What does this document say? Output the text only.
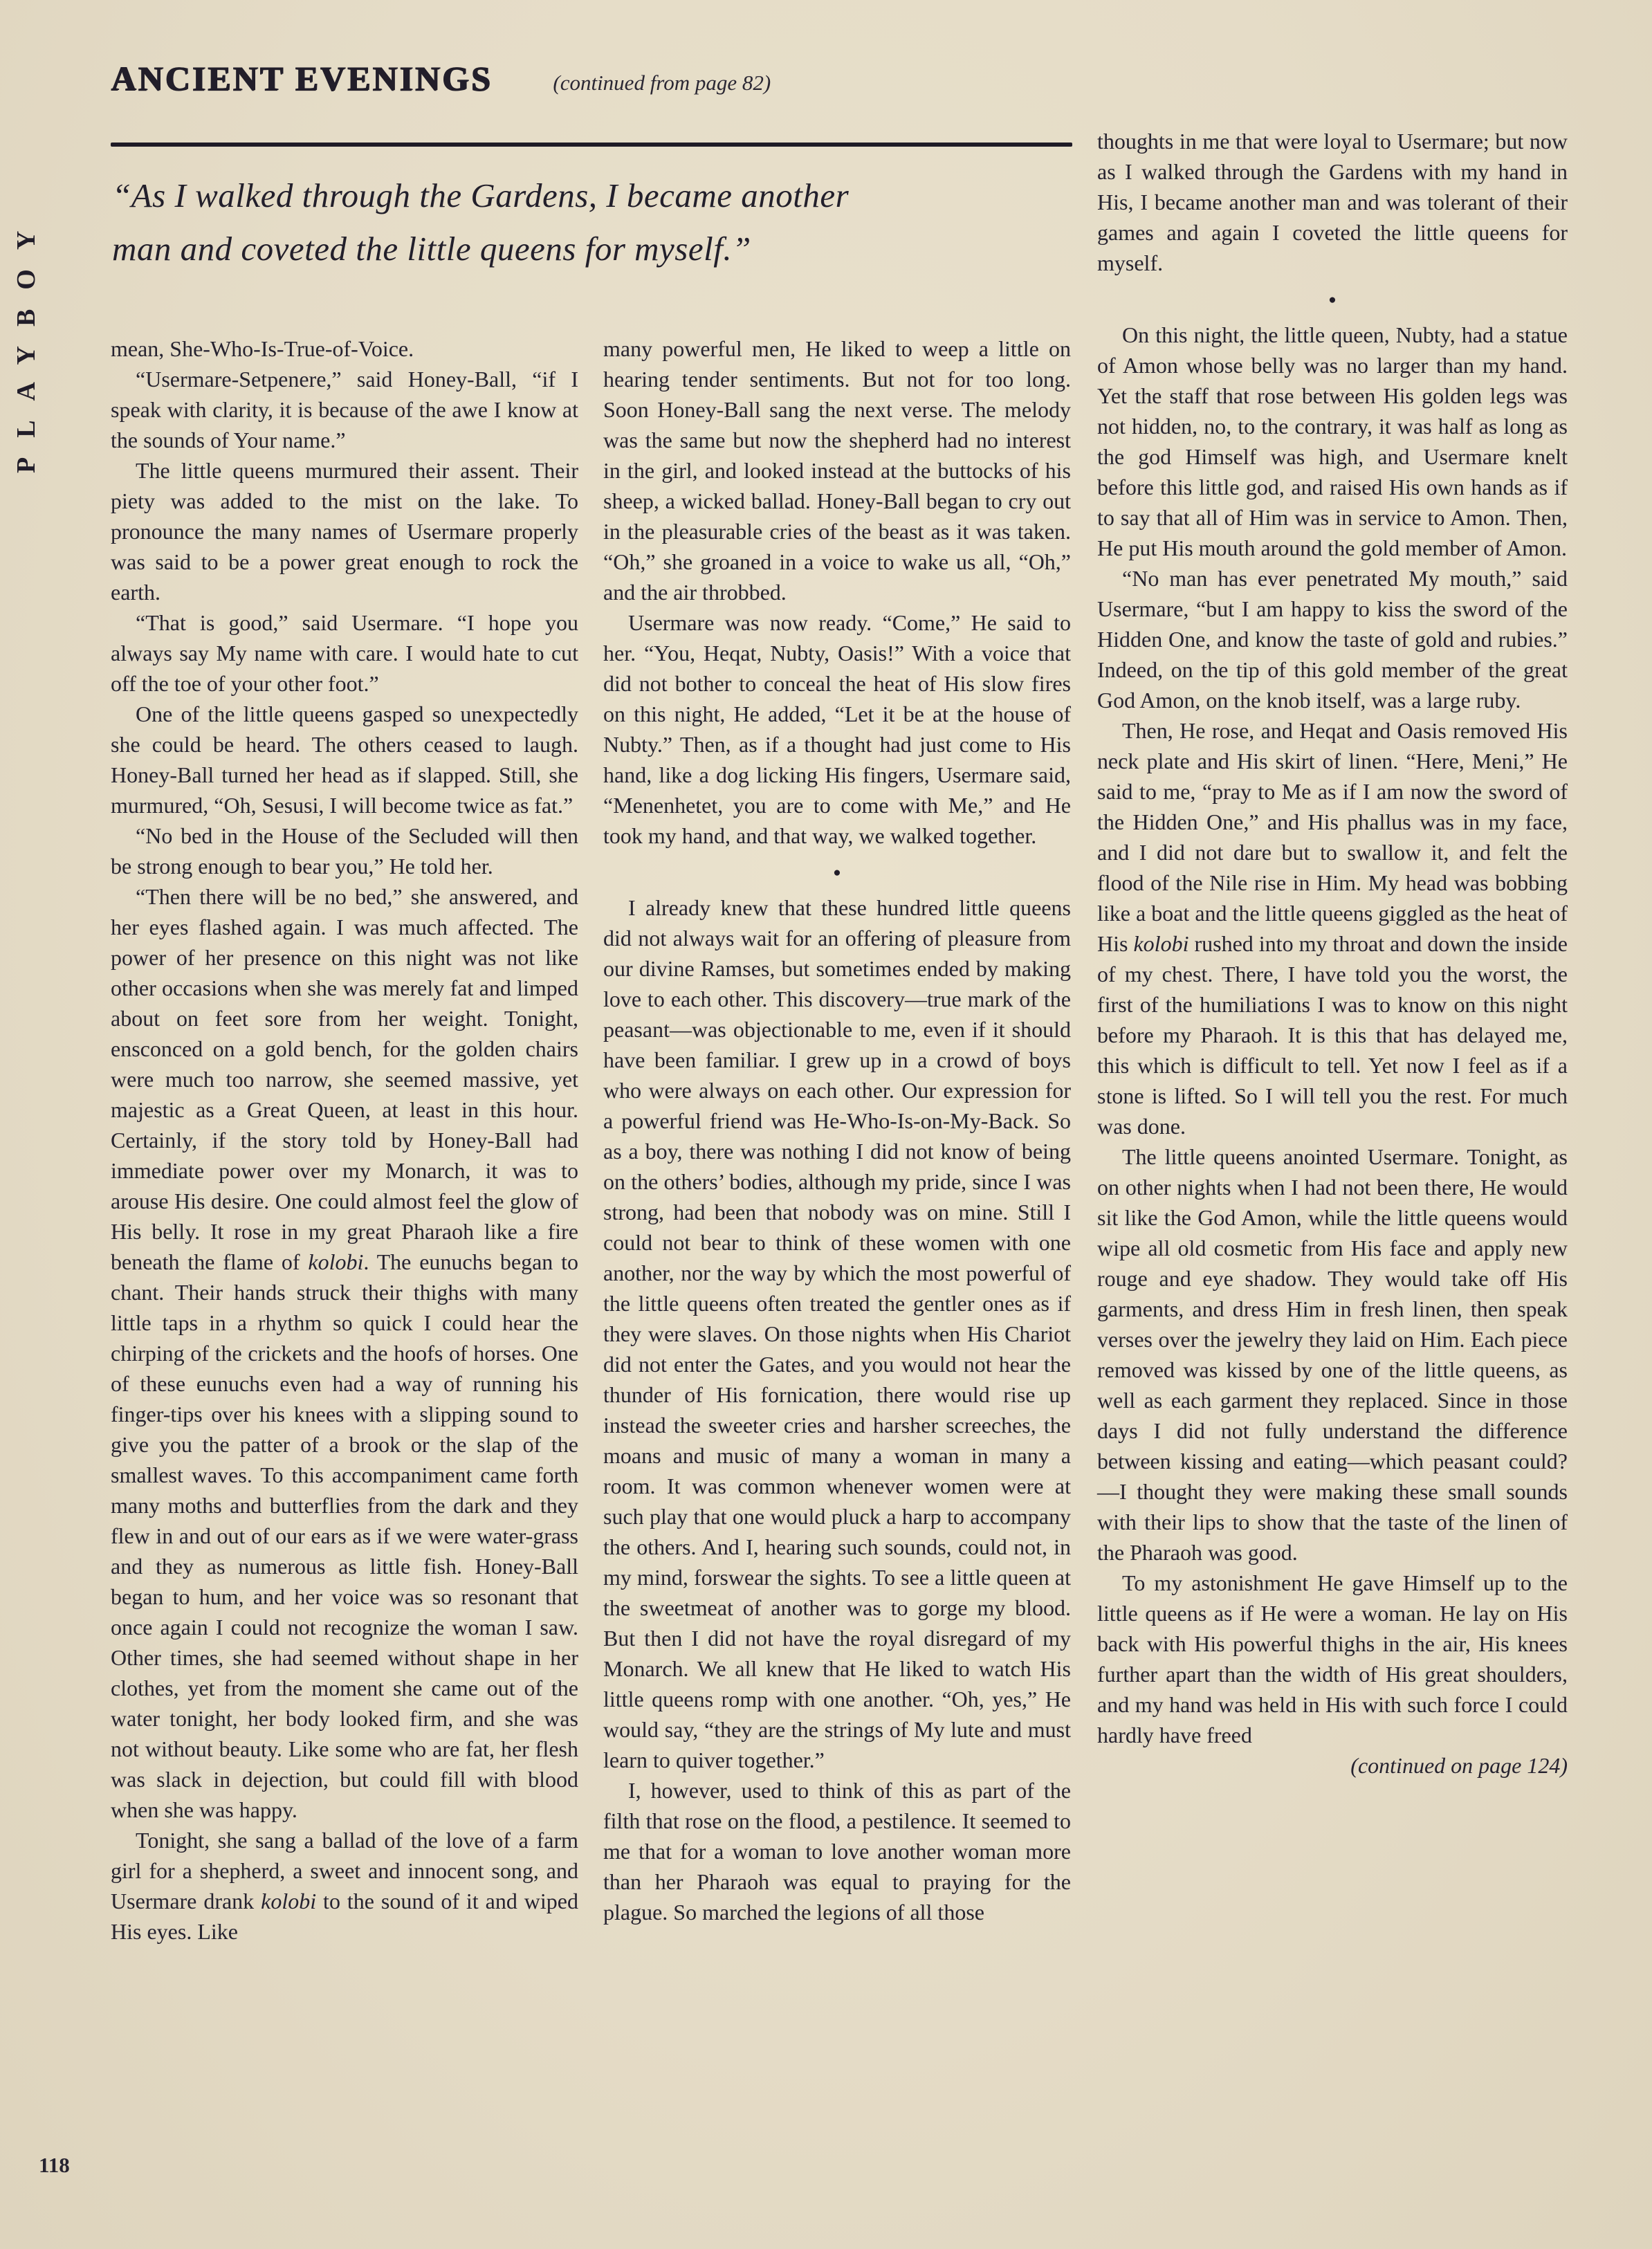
PLAYBOY
ANCIENT EVENINGS	(continued from page 82)
“As I walked through the Gardens, I became another
man and coveted the little queens for myself.”

mean, She-Who-Is-True-of-Voice.

“Usermare-Setpenere,” said Honey-Ball, “if I speak with clarity, it is because of the awe I know at the sounds of Your name.”

The little queens murmured their assent. Their piety was added to the mist on the lake. To pronounce the many names of Usermare properly was said to be a power great enough to rock the earth.

“That is good,” said Usermare. “I hope you always say My name with care. I would hate to cut off the toe of your other foot.”

One of the little queens gasped so unexpectedly she could be heard. The others ceased to laugh. Honey-Ball turned her head as if slapped. Still, she murmured, “Oh, Sesusi, I will become twice as fat.”

“No bed in the House of the Secluded will then be strong enough to bear you,” He told her.

“Then there will be no bed,” she answered, and her eyes flashed again. I was much affected. The power of her presence on this night was not like other occasions when she was merely fat and limped about on feet sore from her weight. Tonight, ensconced on a gold bench, for the golden chairs were much too narrow, she seemed massive, yet majestic as a Great Queen, at least in this hour. Certainly, if the story told by Honey-Ball had immediate power over my Monarch, it was to arouse His desire. One could almost feel the glow of His belly. It rose in my great Pharaoh like a fire beneath the flame of kolobi. The eunuchs began to chant. Their hands struck their thighs with many little taps in a rhythm so quick I could hear the chirping of the crickets and the hoofs of horses. One of these eunuchs even had a way of running his finger-tips over his knees with a slipping sound to give you the patter of a brook or the slap of the smallest waves. To this accompaniment came forth many moths and butterflies from the dark and they flew in and out of our ears as if we were water-grass and they as numerous as little fish. Honey-Ball began to hum, and her voice was so resonant that once again I could not recognize the woman I saw. Other times, she had seemed without shape in her clothes, yet from the moment she came out of the water tonight, her body looked firm, and she was not without beauty. Like some who are fat, her flesh was slack in dejection, but could fill with blood when she was happy.

Tonight, she sang a ballad of the love of a farm girl for a shepherd, a sweet and innocent song, and Usermare drank kolobi to the sound of it and wiped His eyes. Like

many powerful men, He liked to weep a little on hearing tender sentiments. But not for too long. Soon Honey-Ball sang the next verse. The melody was the same but now the shepherd had no interest in the girl, and looked instead at the buttocks of his sheep, a wicked ballad. Honey-Ball began to cry out in the pleasurable cries of the beast as it was taken. “Oh,” she groaned in a voice to wake us all, “Oh,” and the air throbbed.

Usermare was now ready. “Come,” He said to her. “You, Heqat, Nubty, Oasis!” With a voice that did not bother to conceal the heat of His slow fires on this night, He added, “Let it be at the house of Nubty.” Then, as if a thought had just come to His hand, like a dog licking His fingers, Usermare said, “Menenhetet, you are to come with Me,” and He took my hand, and that way, we walked together.

●

I already knew that these hundred little queens did not always wait for an offering of pleasure from our divine Ramses, but sometimes ended by making love to each other. This discovery—true mark of the peasant—was objectionable to me, even if it should have been familiar. I grew up in a crowd of boys who were always on each other. Our expression for a powerful friend was He-Who-Is-on-My-Back. So as a boy, there was nothing I did not know of being on the others’ bodies, although my pride, since I was strong, had been that nobody was on mine. Still I could not bear to think of these women with one another, nor the way by which the most powerful of the little queens often treated the gentler ones as if they were slaves. On those nights when His Chariot did not enter the Gates, and you would not hear the thunder of His fornication, there would rise up instead the sweeter cries and harsher screeches, the moans and music of many a woman in many a room. It was common whenever women were at such play that one would pluck a harp to accompany the others. And I, hearing such sounds, could not, in my mind, forswear the sights. To see a little queen at the sweetmeat of another was to gorge my blood. But then I did not have the royal disregard of my Monarch. We all knew that He liked to watch His little queens romp with one another. “Oh, yes,” He would say, “they are the strings of My lute and must learn to quiver together.”

I, however, used to think of this as part of the filth that rose on the flood, a pestilence. It seemed to me that for a woman to love another woman more than her Pharaoh was equal to praying for the plague. So marched the legions of all those

thoughts in me that were loyal to Usermare; but now as I walked through the Gardens with my hand in His, I became another man and was tolerant of their games and again I coveted the little queens for myself.

●

On this night, the little queen, Nubty, had a statue of Amon whose belly was no larger than my hand. Yet the staff that rose between His golden legs was not hidden, no, to the contrary, it was half as long as the god Himself was high, and Usermare knelt before this little god, and raised His own hands as if to say that all of Him was in service to Amon. Then, He put His mouth around the gold member of Amon.

“No man has ever penetrated My mouth,” said Usermare, “but I am happy to kiss the sword of the Hidden One, and know the taste of gold and rubies.” Indeed, on the tip of this gold member of the great God Amon, on the knob itself, was a large ruby.

Then, He rose, and Heqat and Oasis removed His neck plate and His skirt of linen. “Here, Meni,” He said to me, “pray to Me as if I am now the sword of the Hidden One,” and His phallus was in my face, and I did not dare but to swallow it, and felt the flood of the Nile rise in Him. My head was bobbing like a boat and the little queens giggled as the heat of His kolobi rushed into my throat and down the inside of my chest. There, I have told you the worst, the first of the humiliations I was to know on this night before my Pharaoh. It is this that has delayed me, this which is difficult to tell. Yet now I feel as if a stone is lifted. So I will tell you the rest. For much was done.

The little queens anointed Usermare. Tonight, as on other nights when I had not been there, He would sit like the God Amon, while the little queens would wipe all old cosmetic from His face and apply new rouge and eye shadow. They would take off His garments, and dress Him in fresh linen, then speak verses over the jewelry they laid on Him. Each piece removed was kissed by one of the little queens, as well as each garment they replaced. Since in those days I did not fully understand the difference between kissing and eating—which peasant could?—I thought they were making these small sounds with their lips to show that the taste of the linen of the Pharaoh was good.

To my astonishment He gave Himself up to the little queens as if He were a woman. He lay on His back with His powerful thighs in the air, His knees further apart than the width of His great shoulders, and my hand was held in His with such force I could hardly have freed

(continued on page 124)

118
